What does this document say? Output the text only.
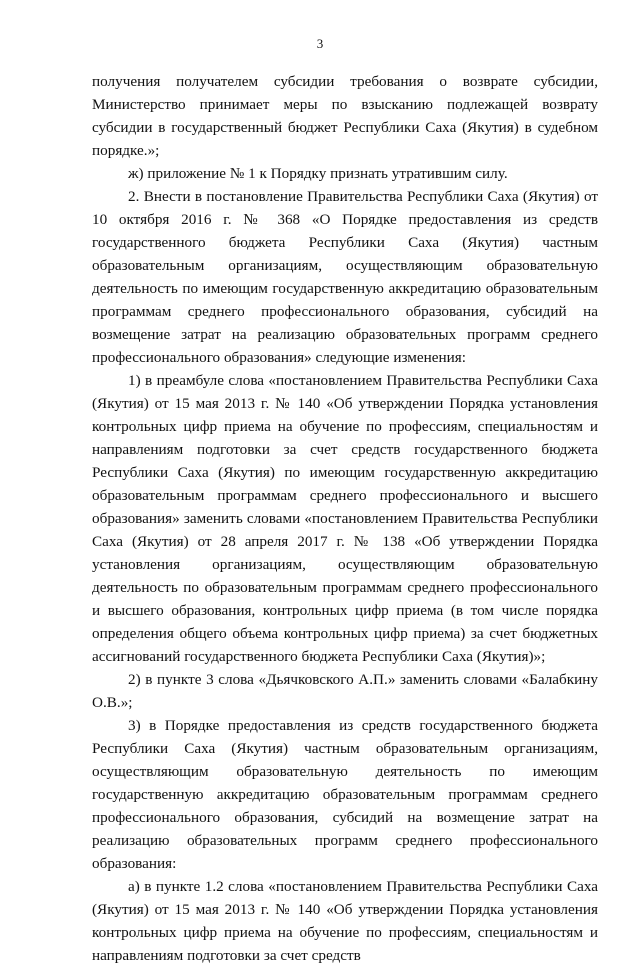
3

получения получателем субсидии требования о возврате субсидии, Министерство принимает меры по взысканию подлежащей возврату субсидии в государственный бюджет Республики Саха (Якутия) в судебном порядке.»;

ж) приложение № 1 к Порядку признать утратившим силу.

2. Внести в постановление Правительства Республики Саха (Якутия) от 10 октября 2016 г. № 368 «О Порядке предоставления из средств государственного бюджета Республики Саха (Якутия) частным образовательным организациям, осуществляющим образовательную деятельность по имеющим государственную аккредитацию образовательным программам среднего профессионального образования, субсидий на возмещение затрат на реализацию образовательных программ среднего профессионального образования» следующие изменения:

1) в преамбуле слова «постановлением Правительства Республики Саха (Якутия) от 15 мая 2013 г. № 140 «Об утверждении Порядка установления контрольных цифр приема на обучение по профессиям, специальностям и направлениям подготовки за счет средств государственного бюджета Республики Саха (Якутия) по имеющим государственную аккредитацию образовательным программам среднего профессионального и высшего образования» заменить словами «постановлением Правительства Республики Саха (Якутия) от 28 апреля 2017 г. № 138 «Об утверждении Порядка установления организациям, осуществляющим образовательную деятельность по образовательным программам среднего профессионального и высшего образования, контрольных цифр приема (в том числе порядка определения общего объема контрольных цифр приема) за счет бюджетных ассигнований государственного бюджета Республики Саха (Якутия)»;

2) в пункте 3 слова «Дьячковского А.П.» заменить словами «Балабкину О.В.»;

3) в Порядке предоставления из средств государственного бюджета Республики Саха (Якутия) частным образовательным организациям, осуществляющим образовательную деятельность по имеющим государственную аккредитацию образовательным программам среднего профессионального образования, субсидий на возмещение затрат на реализацию образовательных программ среднего профессионального образования:

а) в пункте 1.2 слова «постановлением Правительства Республики Саха (Якутия) от 15 мая 2013 г. № 140 «Об утверждении Порядка установления контрольных цифр приема на обучение по профессиям, специальностям и направлениям подготовки за счет средств
